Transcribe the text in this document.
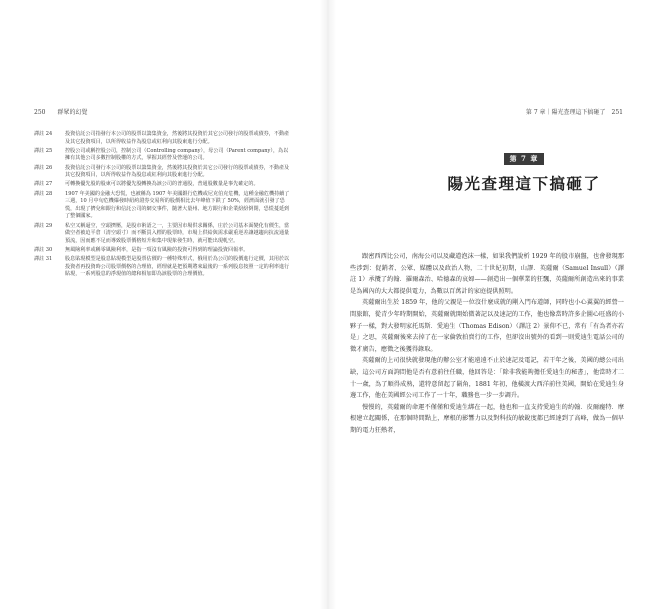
250 群眾的幻覺
譯註 24	投資信託公司指發行本公司的股票以籌集資金，然後將其投資於其它公司發行的股票或債券，不動產及其它投資項目，以所得收益作為股息或紅利向其股東進行分配。
譯註 25	控股公司或稱控股公司，控制公司（Controlling company），母公司（Parent company），為以擁有其他公司多數控制股權的方式，掌握其經營及營運的公司。
譯註 26	投資信託公司發行本公司的股票以籌集資金，然後將其投資於其它公司發行的股票或債券，不動產及其它投資項目，以所得收益作為股息或紅利向其股東進行分配。
譯註 27	可轉換優先股的股東可以將優先股轉換為該公司的普通股，普通股數量是事先確定的。
譯註 28	1907 年美國的金融大恐慌，也被稱為 1907 年美國銀行危機或尼克伯克危機，這種金融危機持續了三週，10 月中旬危機爆發時紐約證券交易所的股價相比去年峰值下跌了 50%，經濟面就引發了恐慌，出現了擠兌和銀行和信託公司的網交事件，隨著大量州、地方銀行和企業紛紛倒閉，恐慌蔓延到了整個國家。
譯註 29	私空又稱逼空，空頭擠壓，是股市術語之一，主要因市場供求關係，庄於公司基本面變化有價生，當做空者被迫平倉（清空頭寸）而不斷買入標的股票時，市場上供給與需求嚴重逆差讓越趨向抗流通量預流，因而應不足而導致股票價格短升和集中現象發生時，就可能出現軋空。
譯註 30	無風險利率或稱零風險利率，是指一項沒有風險的投資可得到的理論投資回報率。
譯註 31	股息貼現模型是股息貼現模型是股票估價的一種特殊形式，俄用於為公司的股價進行定價，其用於以投資者再投資時公司股票價格的合理值，經理就是把預期將來最後的一系列股息按照一定的利率進行貼現，一系列股息的淨現值的總和相加即為該股票的合理價值。
第 7 章｜陽光查理這下搞砸了 251
第 7 章
陽光查理這下搞砸了

跟密西西比公司，南海公司以及藏道泡沫一樣，如果我們說析 1929 年的股市崩盤，也會發現那些涉到：促銷者、公眾、媒體以及政治人物，二十世紀初期，山謬．英薩爾（Samuel Insull）（譯註 1）承攬了約翰．羅爾森治、哈德森的哀婦——創造出一個華業的狂飄，英薩爾所創造出來的事業是為國內的大大都提供電力，為數以百萬計的家庭提供照明。

英薩爾出生於 1859 年，他的父親是一位沒什麼成就的剛入門布道師，同時也小心翼翼的經營一間旅館，從青少年時期開始，英薩爾就開始微著記以及速記的工作，他也像當時許多企圖心旺盛的小夥子一樣，對大發明家托馬斯．愛迪生（Thomas Edison）（譯註 2）景仰不已，常有「有為者亦若是」之思，英薩爾後來去掉了在一家倫敦拍賣行的工作，但卻沒出號外的看到一則愛迪生電話公司的徵才廣告，應徵之後獲得錄取。

英薩爾的上司很快就發現他的辦公室才能遠遠不止於速記及電記，若干年之後，美國的總公司出缺，這公司方面詢問他是否有意前往任職，他回答是：「除非我能夠擔任愛迪生的秘書」，他當時才二十一歲，為了順得成熟，還特意留起了鬍角，1881 年初，他橫渡大西洋前往美國，開始在愛迪生身邊工作，他在美國經公司工作了一十年，職務也一步一步調升。

慢慢的，英薩爾的命運不僅僅和愛迪生綁在一起，他也和一直支持愛迪生的約翰．皮爾龐特．摩根建立起關係，在那個時間點上，摩根的影響力以及對科技的敏銳度都已經達到了高峰，做為一個早期的電力狂熱者，
